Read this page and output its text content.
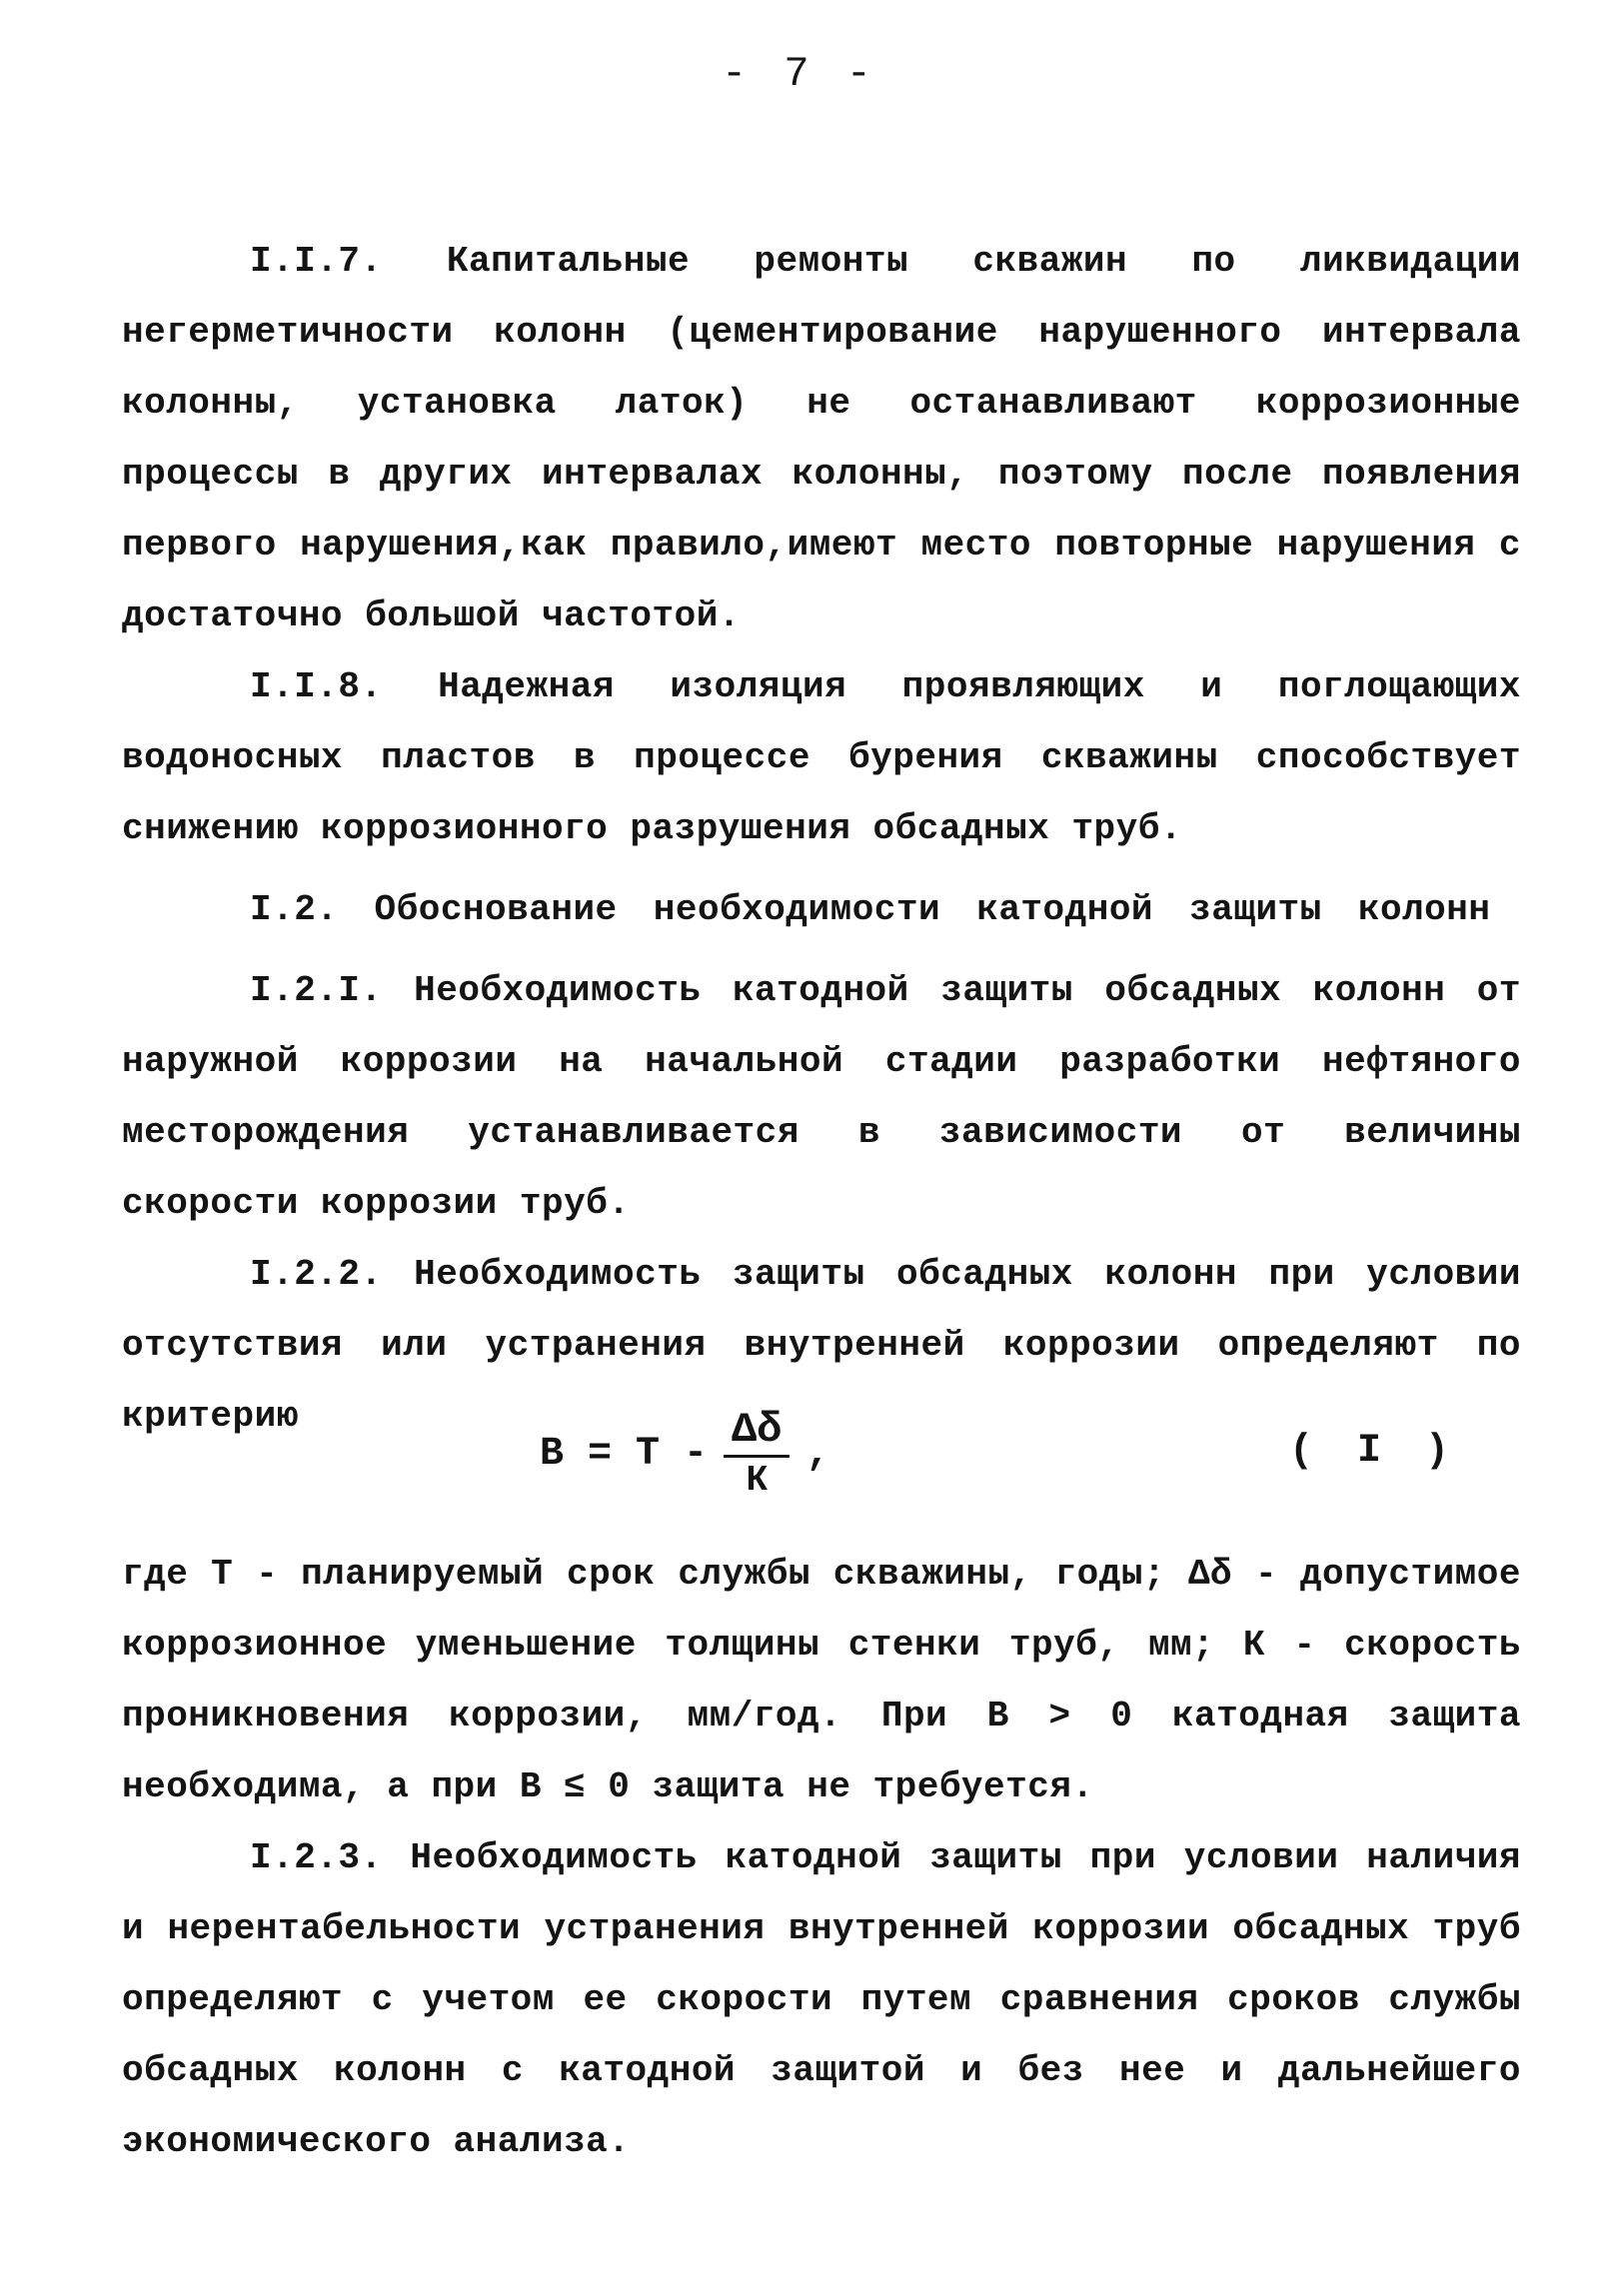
- 7 -

I.I.7. Капитальные ремонты скважин по ликвидации негерметичности колонн (цементирование нарушенного интервала колонны, установка латок) не останавливают коррозионные процессы в других интервалах колонны, поэтому после появления первого нарушения,как правило,имеют место повторные нарушения с достаточно большой частотой.

I.I.8. Надежная изоляция проявляющих и поглощающих водоносных пластов в процессе бурения скважины способствует снижению коррозионного разрушения обсадных труб.

I.2. Обоснование необходимости катодной защиты колонн

I.2.I. Необходимость катодной защиты обсадных колонн от наружной коррозии на начальной стадии разработки нефтяного месторождения устанавливается в зависимости от величины скорости коррозии труб.

I.2.2. Необходимость защиты обсадных колонн при условии отсутствия или устранения внутренней коррозии определяют по критерию

$В = Т - \frac{\Delta\delta}{К}$ ,	( I )

где Т - планируемый срок службы скважины, годы; Δδ - допустимое коррозионное уменьшение толщины стенки труб, мм; К - скорость проникновения коррозии, мм/год. При В > 0 катодная защита необходима, а при В ≤ 0 защита не требуется.

I.2.3. Необходимость катодной защиты при условии наличия и нерентабельности устранения внутренней коррозии обсадных труб определяют с учетом ее скорости путем сравнения сроков службы обсадных колонн с катодной защитой и без нее и дальнейшего экономического анализа.
